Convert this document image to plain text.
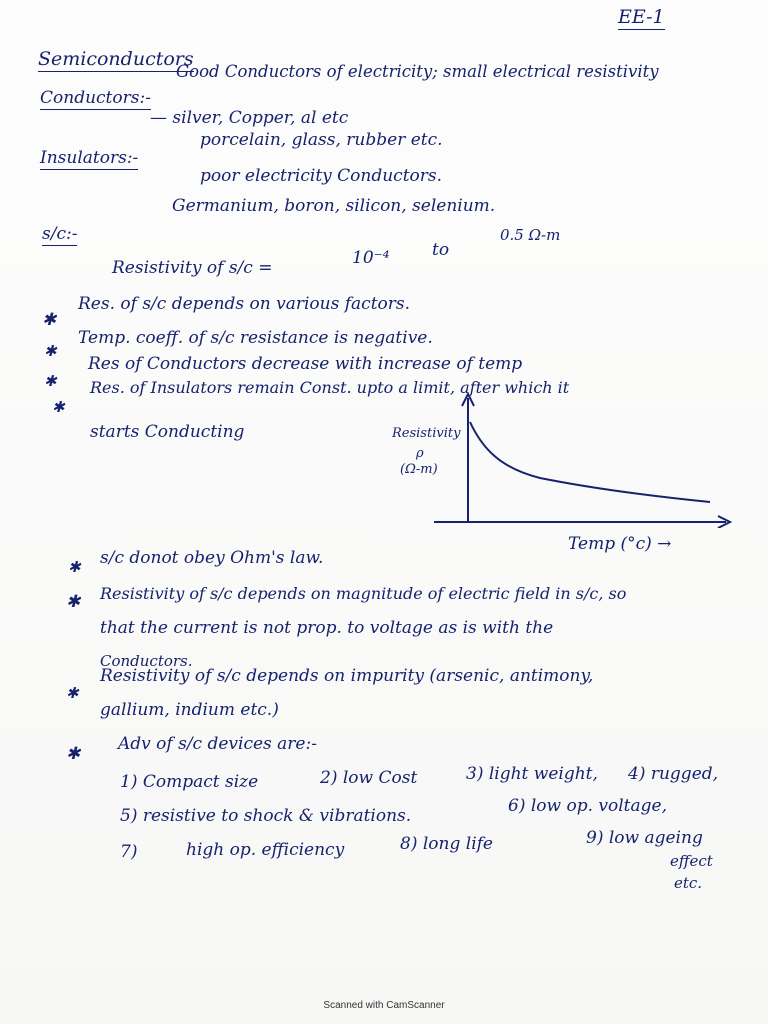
EE-1
Semiconductors
Conductors:-
Good Conductors of electricity; small electrical resistivity
— silver, Copper, al etc
Insulators:-
porcelain, glass, rubber etc.
poor electricity Conductors.
s/c:-
Germanium, boron, silicon, selenium.
Resistivity of s/c =	10⁻⁴	to
0.5 Ω-m
✱
Res. of s/c depends on various factors.
✱
Temp. coeff. of s/c resistance is negative.
✱
Res of Conductors decrease with increase of temp
✱
Res. of Insulators remain Const. upto a limit, after which it
starts Conducting	Resistivity
ρ
(Ω-m)
Temp (°c) →
✱ s/c donot obey Ohm's law.
✱ Resistivity of s/c depends on magnitude of electric field in s/c, so
that the current is not prop. to voltage as is with the
Conductors.
✱
Resistivity of s/c depends on impurity (arsenic, antimony,
gallium, indium etc.)
✱ Adv of s/c devices are:-
1) Compact size	2) low Cost	3) light weight, 4) rugged,
5) resistive to shock & vibrations.	6) low op. voltage,
7)	high op. efficiency	8) long life	9) low ageing
effect
etc.
Scanned with CamScanner
